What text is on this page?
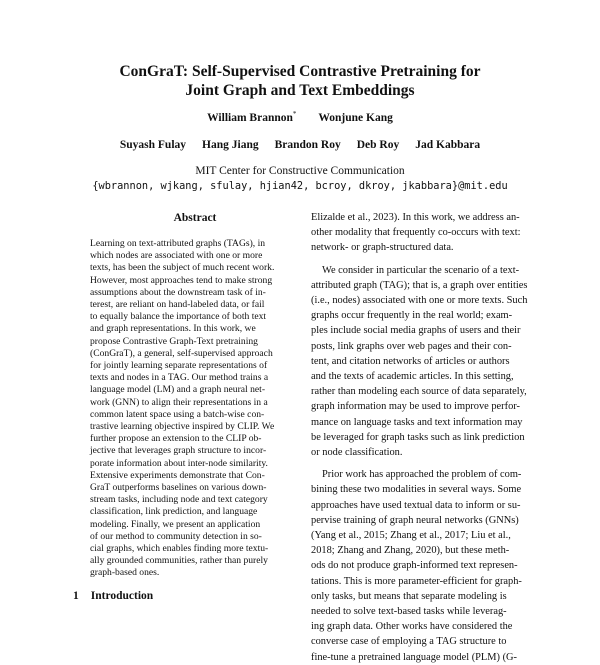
ConGraT: Self-Supervised Contrastive Pretraining for
Joint Graph and Text Embeddings
William Brannon* Wonjune Kang
Suyash Fulay Hang Jiang Brandon Roy Deb Roy Jad Kabbara
MIT Center for Constructive Communication
{wbrannon, wjkang, sfulay, hjian42, bcroy, dkroy, jkabbara}@mit.edu
Abstract
Learning on text-attributed graphs (TAGs), in
which nodes are associated with one or more
texts, has been the subject of much recent work.
However, most approaches tend to make strong
assumptions about the downstream task of in-
terest, are reliant on hand-labeled data, or fail
to equally balance the importance of both text
and graph representations. In this work, we
propose Contrastive Graph-Text pretraining
(ConGraT), a general, self-supervised approach
for jointly learning separate representations of
texts and nodes in a TAG. Our method trains a
language model (LM) and a graph neural net-
work (GNN) to align their representations in a
common latent space using a batch-wise con-
trastive learning objective inspired by CLIP. We
further propose an extension to the CLIP ob-
jective that leverages graph structure to incor-
porate information about inter-node similarity.
Extensive experiments demonstrate that Con-
GraT outperforms baselines on various down-
stream tasks, including node and text category
classification, link prediction, and language
modeling. Finally, we present an application
of our method to community detection in so-
cial graphs, which enables finding more textu-
ally grounded communities, rather than purely
graph-based ones.
1 Introduction
Elizalde et al., 2023). In this work, we address an-
other modality that frequently co-occurs with text:
network- or graph-structured data.
We consider in particular the scenario of a text-
attributed graph (TAG); that is, a graph over entities
(i.e., nodes) associated with one or more texts. Such
graphs occur frequently in the real world; exam-
ples include social media graphs of users and their
posts, link graphs over web pages and their con-
tent, and citation networks of articles or authors
and the texts of academic articles. In this setting,
rather than modeling each source of data separately,
graph information may be used to improve perfor-
mance on language tasks and text information may
be leveraged for graph tasks such as link prediction
or node classification.
Prior work has approached the problem of com-
bining these two modalities in several ways. Some
approaches have used textual data to inform or su-
pervise training of graph neural networks (GNNs)
(Yang et al., 2015; Zhang et al., 2017; Liu et al.,
2018; Zhang and Zhang, 2020), but these meth-
ods do not produce graph-informed text represen-
tations. This is more parameter-efficient for graph-
only tasks, but means that separate modeling is
needed to solve text-based tasks while leverag-
ing graph data. Other works have considered the
converse case of employing a TAG structure to
fine-tune a pretrained language model (PLM) (G-
